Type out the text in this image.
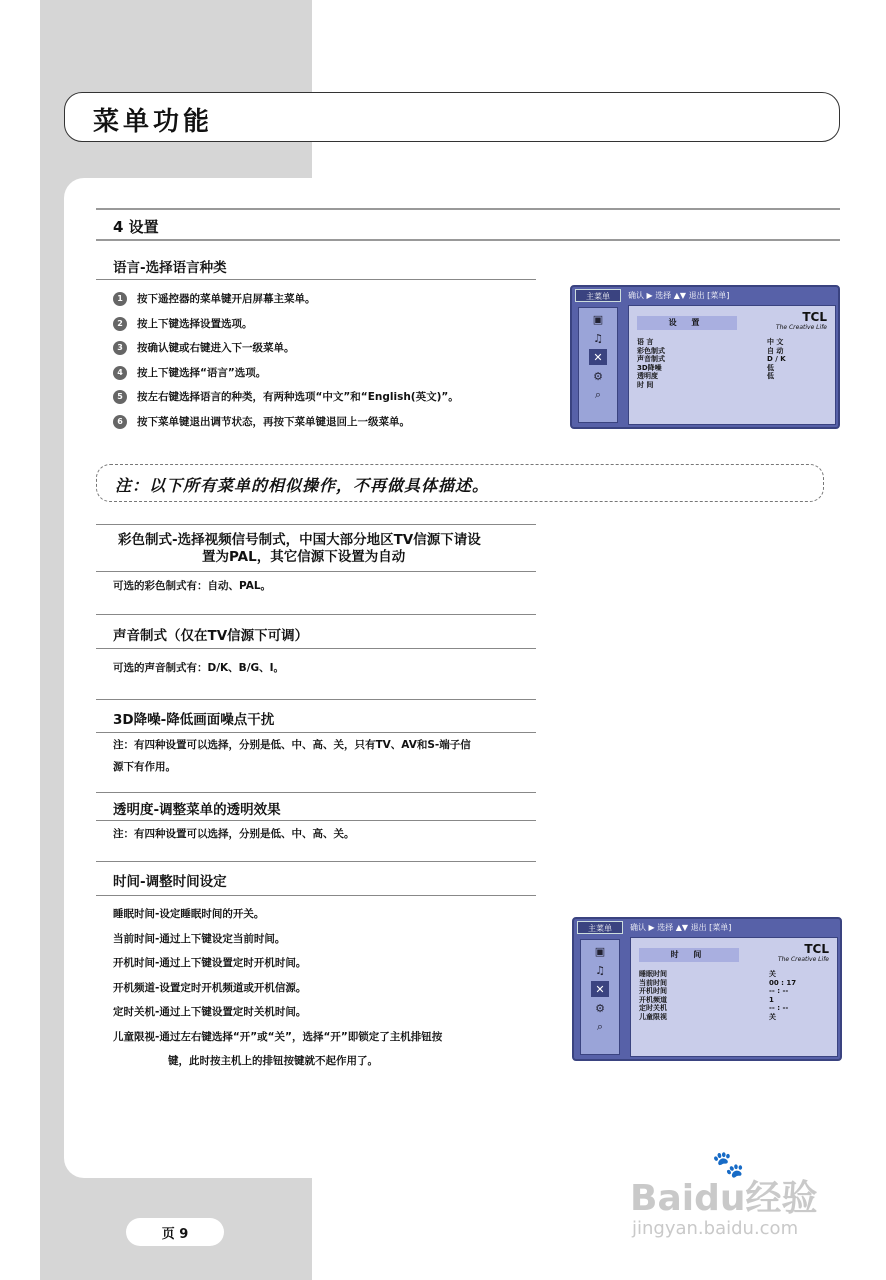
菜单功能
4 设置
语言-选择语言种类
1	按下遥控器的菜单键开启屏幕主菜单。
2	按上下键选择设置选项。
3	按确认键或右键进入下一级菜单。
4	按上下键选择“语言”选项。
5	按左右键选择语言的种类，有两种选项“中文”和“English(英文)”。
6	按下菜单键退出调节状态，再按下菜单键退回上一级菜单。
主菜单	确认 ▶ 选择 ▲▼ 退出 [菜单]
▣
♫
✕
⚙
⌕
TCL
The Creative Life
设 置
语 言	中 文
彩色制式	自 动
声音制式	D / K
3D降噪	低
透明度	低
时 间
注：以下所有菜单的相似操作，不再做具体描述。
彩色制式-选择视频信号制式，中国大部分地区TV信源下请设
置为PAL，其它信源下设置为自动
可选的彩色制式有：自动、PAL。
声音制式（仅在TV信源下可调）
可选的声音制式有：D/K、B/G、I。
3D降噪-降低画面噪点干扰
注：有四种设置可以选择，分别是低、中、高、关，只有TV、AV和S-端子信
源下有作用。
透明度-调整菜单的透明效果
注：有四种设置可以选择，分别是低、中、高、关。
时间-调整时间设定
睡眠时间-设定睡眠时间的开关。
当前时间-通过上下键设定当前时间。
开机时间-通过上下键设置定时开机时间。
开机频道-设置定时开机频道或开机信源。
定时关机-通过上下键设置定时关机时间。
儿童限视-通过左右键选择“开”或“关”，选择“开”即锁定了主机排钮按
键，此时按主机上的排钮按键就不起作用了。
主菜单	确认 ▶ 选择 ▲▼ 退出 [菜单]
▣
♫
✕
⚙
⌕
TCL
The Creative Life
时 间
睡眠时间	关
当前时间	00 : 17
开机时间	-- : --
开机频道	1
定时关机	-- : --
儿童限视	关
页 9
🐾
Baidu经验
jingyan.baidu.com
